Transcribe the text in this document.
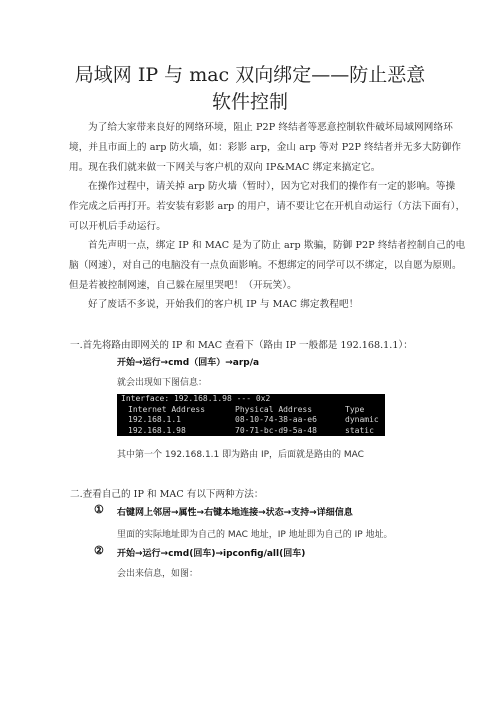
局域网 IP 与 mac 双向绑定——防止恶意
软件控制
为了给大家带来良好的网络环境，阻止 P2P 终结者等恶意控制软件破坏局域网网络环
境，并且市面上的 arp 防火墙，如：彩影 arp，金山 arp 等对 P2P 终结者并无多大防御作
用。现在我们就来做一下网关与客户机的双向 IP&MAC 绑定来搞定它。
在操作过程中，请关掉 arp 防火墙（暂时），因为它对我们的操作有一定的影响。等操
作完成之后再打开。若安装有彩影 arp 的用户，请不要让它在开机自动运行（方法下面有），
可以开机后手动运行。
首先声明一点，绑定 IP 和 MAC 是为了防止 arp 欺骗，防御 P2P 终结者控制自己的电
脑（网速），对自己的电脑没有一点负面影响。不想绑定的同学可以不绑定，以自愿为原则。
但是若被控制网速，自己躲在屋里哭吧！（开玩笑）。
好了废话不多说，开始我们的客户机 IP 与 MAC 绑定教程吧！
一.首先将路由即网关的 IP 和 MAC 查看下（路由 IP 一般都是 192.168.1.1）：
开始→运行→cmd（回车）→arp/a
就会出现如下图信息：
Interface: 192.168.1.98 --- 0x2
Internet Address	Physical Address	Type
192.168.1.1	08-10-74-38-aa-e6	dynamic
192.168.1.98	70-71-bc-d9-5a-48	static
其中第一个 192.168.1.1 即为路由 IP，后面就是路由的 MAC
二.查看自己的 IP 和 MAC 有以下两种方法：
① 右键网上邻居→属性→右键本地连接→状态→支持→详细信息
里面的实际地址即为自己的 MAC 地址，IP 地址即为自己的 IP 地址。
② 开始→运行→cmd(回车)→ipconfig/all(回车)
会出来信息，如图：
